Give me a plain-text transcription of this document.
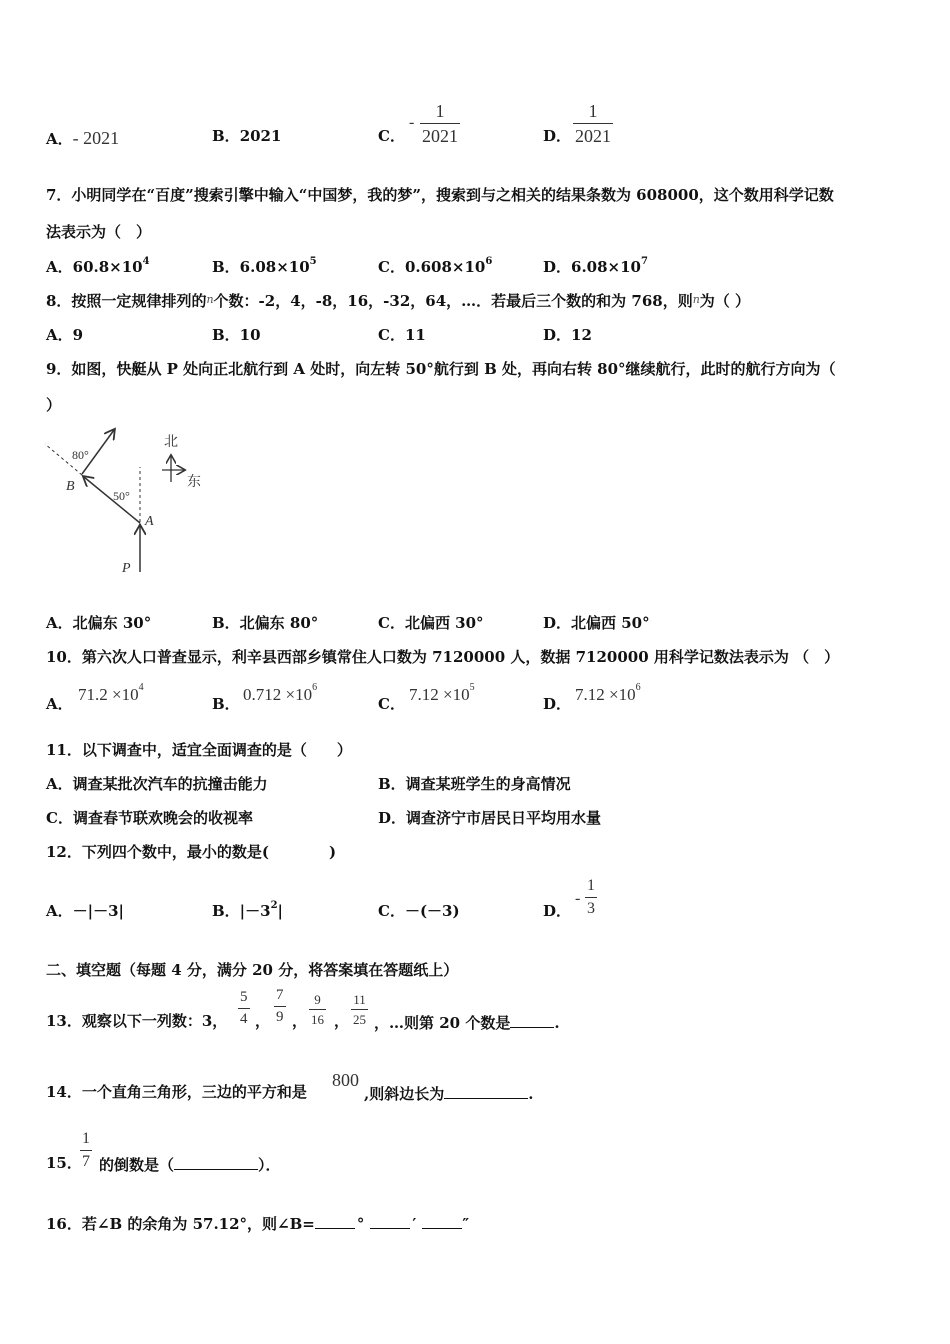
A．- 2021	B．2021	C．
-
1
2021	D．
1
2021
7．小明同学在“百度”搜索引擎中输入“中国梦，我的梦”，搜索到与之相关的结果条数为 608000，这个数用科学记数
法表示为（　）
A．$60.8\times 10^4$	B．$6.08\times 10^5$	C．$0.608\times 10^6$	D．$6.08\times 10^7$
8．按照一定规律排列的$^n$个数：-2，4，-8，16，-32，64，…．若最后三个数的和为 768，则$^n$为（ ）
A．9	B．10	C．11	D．12
9．如图，快艇从 P 处向正北航行到 A 处时，向左转 50°航行到 B 处，再向右转 80°继续航行，此时的航行方向为（
）
北
东
80°
50°
B
A
P
A．北偏东 30°	B．北偏东 80°	C．北偏西 30°	D．北偏西 50°
10．第六次人口普查显示，利辛县西部乡镇常住人口数为 7120000 人，数据 7120000 用科学记数法表示为 （　）
A． $71.2 \times 10^4$
B． $0.712 \times 10^6$
C． $7.12 \times 10^5$
D． $7.12 \times 10^6$
11．以下调查中，适宜全面调查的是（　　）
A．调查某批次汽车的抗撞击能力	B．调查某班学生的身高情况
C．调查春节联欢晚会的收视率	D．调查济宁市居民日平均用水量
12．下列四个数中，最小的数是(　　　　)
A．－|－3|	B．$|-3^2|$	C．－(－3)	D．
-
1
3
二、填空题（每题 4 分，满分 20 分，将答案填在答题纸上）
13．观察以下一列数：3，
5
4 ，
7
9 ，
9
16 ，
11
25 ，…则第 20 个数是	.
14．一个直角三角形，三边的平方和是
800
,则斜边长为	.
15．
1
7 的倒数是（	）．
16．若∠B 的余角为 57.12°，则∠B=	°	′	″
